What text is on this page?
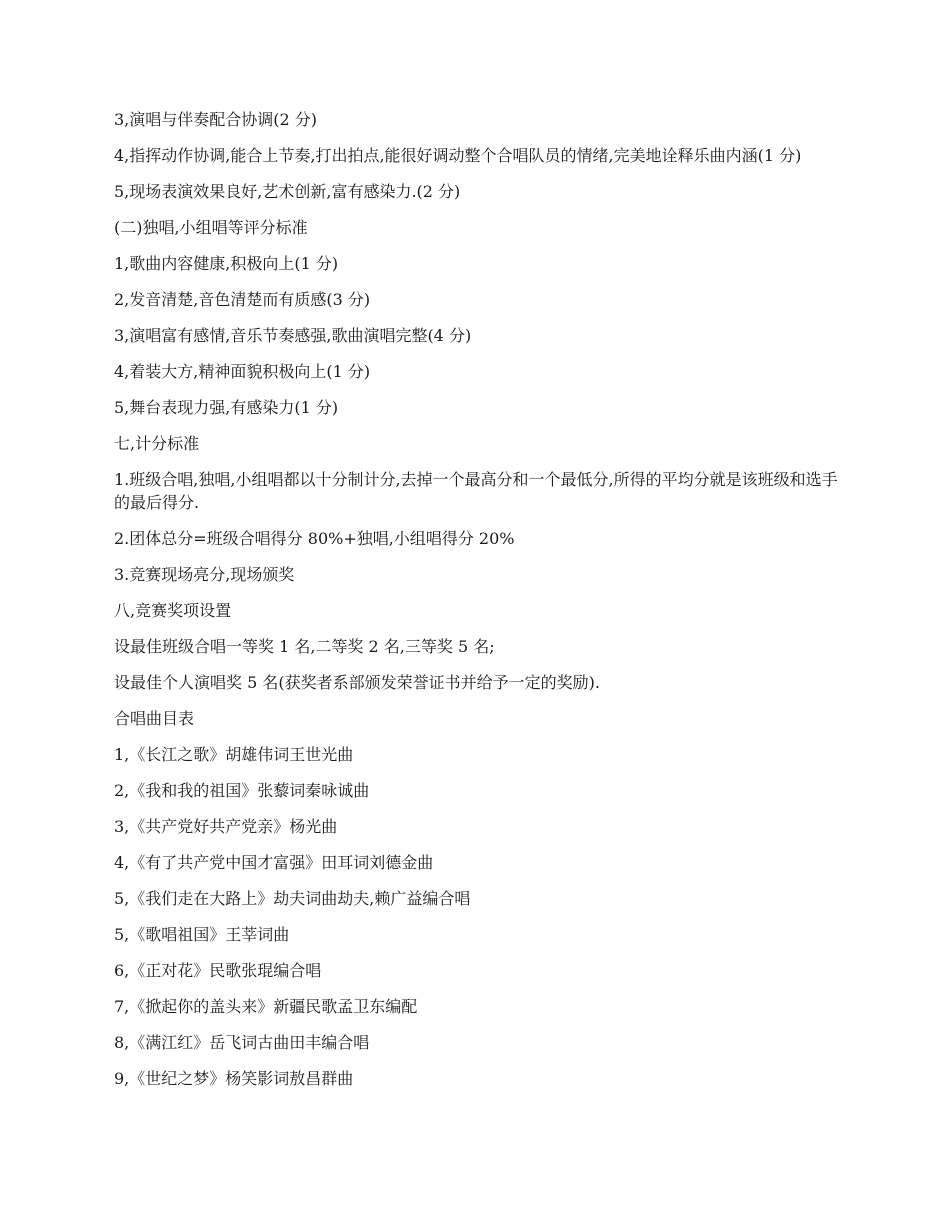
3,演唱与伴奏配合协调(2 分)

4,指挥动作协调,能合上节奏,打出拍点,能很好调动整个合唱队员的情绪,完美地诠释乐曲内涵(1 分)

5,现场表演效果良好,艺术创新,富有感染力.(2 分)

(二)独唱,小组唱等评分标准

1,歌曲内容健康,积极向上(1 分)

2,发音清楚,音色清楚而有质感(3 分)

3,演唱富有感情,音乐节奏感强,歌曲演唱完整(4 分)

4,着装大方,精神面貌积极向上(1 分)

5,舞台表现力强,有感染力(1 分)

七,计分标准

1.班级合唱,独唱,小组唱都以十分制计分,去掉一个最高分和一个最低分,所得的平均分就是该班级和选手的最后得分.

2.团体总分=班级合唱得分 80%+独唱,小组唱得分 20%

3.竞赛现场亮分,现场颁奖

八,竞赛奖项设置

设最佳班级合唱一等奖 1 名,二等奖 2 名,三等奖 5 名;

设最佳个人演唱奖 5 名(获奖者系部颁发荣誉证书并给予一定的奖励).

合唱曲目表

1,《长江之歌》胡雄伟词王世光曲

2,《我和我的祖国》张藜词秦咏诚曲

3,《共产党好共产党亲》杨光曲

4,《有了共产党中国才富强》田耳词刘德金曲

5,《我们走在大路上》劫夫词曲劫夫,赖广益编合唱

5,《歌唱祖国》王莘词曲

6,《正对花》民歌张琨编合唱

7,《掀起你的盖头来》新疆民歌孟卫东编配

8,《满江红》岳飞词古曲田丰编合唱

9,《世纪之梦》杨笑影词敖昌群曲
